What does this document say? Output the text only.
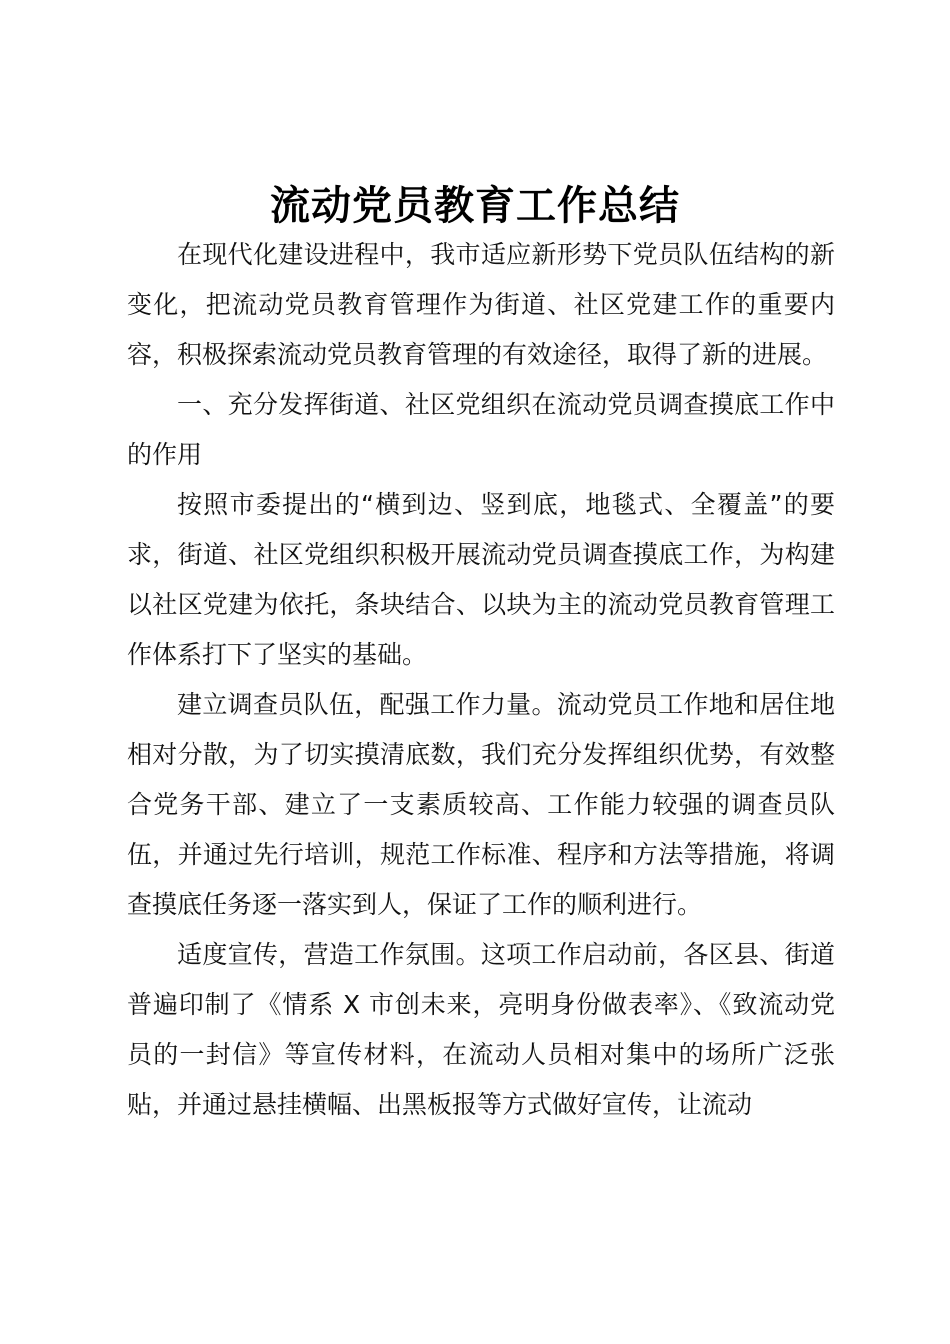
流动党员教育工作总结

在现代化建设进程中，我市适应新形势下党员队伍结构的新变化，把流动党员教育管理作为街道、社区党建工作的重要内容，积极探索流动党员教育管理的有效途径，取得了新的进展。

一、充分发挥街道、社区党组织在流动党员调查摸底工作中的作用

按照市委提出的“横到边、竖到底，地毯式、全覆盖”的要求，街道、社区党组织积极开展流动党员调查摸底工作，为构建以社区党建为依托，条块结合、以块为主的流动党员教育管理工作体系打下了坚实的基础。

建立调查员队伍，配强工作力量。流动党员工作地和居住地相对分散，为了切实摸清底数，我们充分发挥组织优势，有效整合党务干部、建立了一支素质较高、工作能力较强的调查员队伍，并通过先行培训，规范工作标准、程序和方法等措施，将调查摸底任务逐一落实到人，保证了工作的顺利进行。

适度宣传，营造工作氛围。这项工作启动前，各区县、街道普遍印制了《情系 X 市创未来，亮明身份做表率》、《致流动党员的一封信》等宣传材料，在流动人员相对集中的场所广泛张贴，并通过悬挂横幅、出黑板报等方式做好宣传，让流动
